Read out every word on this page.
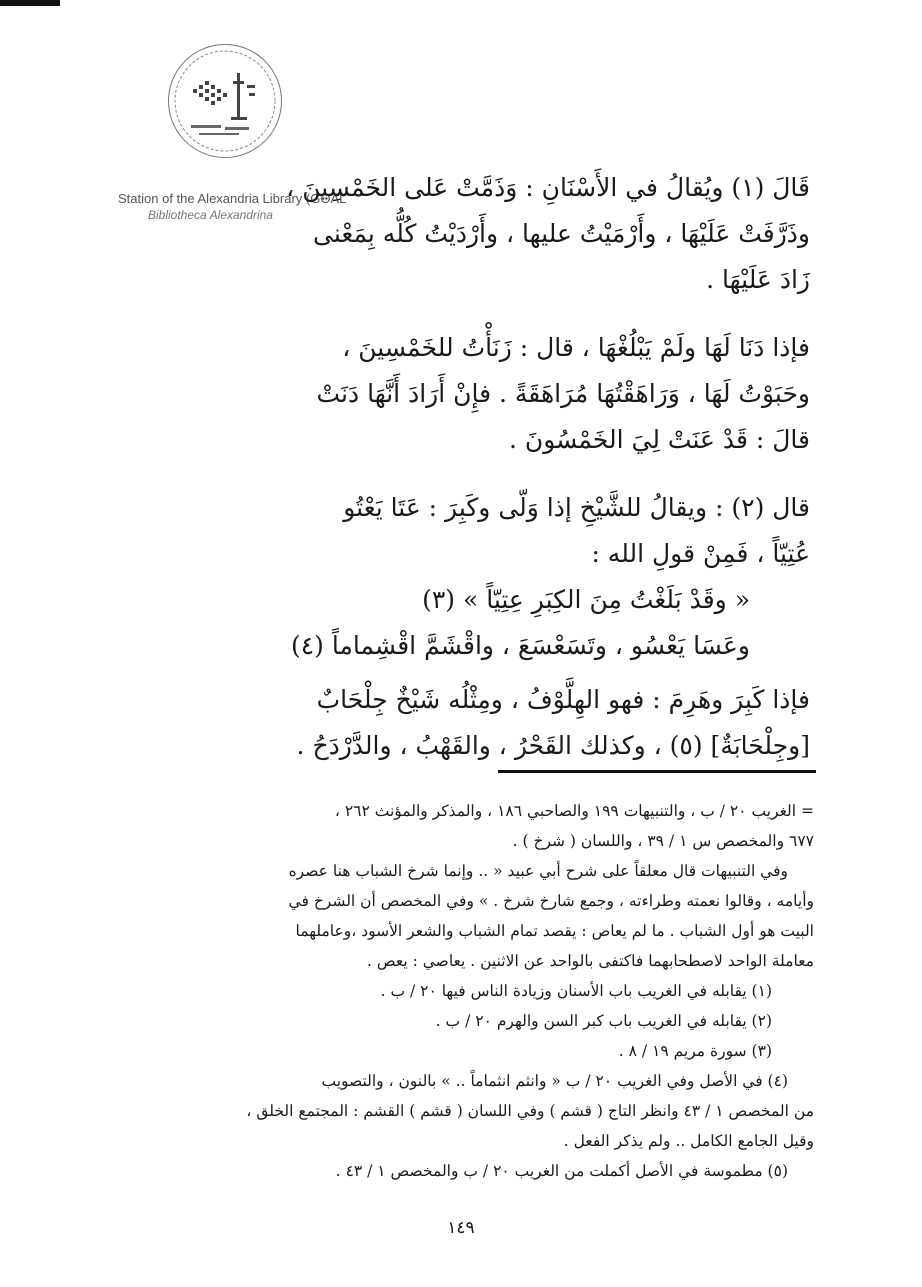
Station of the Alexandria Library (GOAL
Bibliotheca Alexandrina
قَالَ (١) ويُقالُ في الأَسْنَانِ : وَذَمَّتْ عَلى الخَمْسِينَ ،
وذَرَّفَتْ عَلَيْهَا ، وأَرْمَيْتُ عليها ، وأَرْدَيْتُ كُلُّه بِمَعْنى
زَادَ عَلَيْهَا .
فإذا دَنَا لَهَا ولَمْ يَبْلُغْهَا ، قال : زَنَأْتُ للخَمْسِينَ ،
وحَبَوْتُ لَهَا ، وَرَاهَقْتُهَا مُرَاهَقَةً . فإِنْ أَرَادَ أَنَّهَا دَنَتْ
قالَ : قَدْ عَنَتْ لِيَ الخَمْسُونَ .
قال (٢) : ويقالُ للشَّيْخِ إذا وَلّى وكَبِرَ : عَتَا يَعْتُو
عُتِيّاً ، فَمِنْ قولِ الله :
« وقَدْ بَلَغْتُ مِنَ الكِبَرِ عِتِيّاً » (٣)
وعَسَا يَعْسُو ، وتَسَعْسَعَ ، واقْشَمَّ اقْشِماماً (٤)
فإذا كَبِرَ وهَرِمَ : فهو الهِلَّوْفُ ، ومِثْلُه شَيْخٌ جِلْحَابٌ
[وجِلْحَابَةٌ] (٥) ، وكذلك القَحْرُ ، والقَهْبُ ، والدَّرْدَحُ .
= الغريب ٢٠ / ب ، والتنبيهات ١٩٩ والصاحبي ١٨٦ ، والمذكر والمؤنث ٢٦٢ ،
٦٧٧ والمخصص س ١ / ٣٩ ، واللسان ( شرخ ) .
وفي التنبيهات قال معلقاً على شرح أبي عبيد « .. وإنما شرخ الشباب هنا عصره
وأيامه ، وقالوا نعمته وطراءته ، وجمع شارخ شرخ . » وفي المخصص أن الشرخ في
البيت هو أول الشباب . ما لم يعاص : يقصد تمام الشباب والشعر الأسود ،وعاملهما
معاملة الواحد لاصطحابهما فاكتفى بالواحد عن الاثنين . يعاصي : يعص .
(١) يقابله في الغريب باب الأسنان وزيادة الناس فيها ٢٠ / ب .
(٢) يقابله في الغريب باب كبر السن والهرم ٢٠ / ب .
(٣) سورة مريم ١٩ / ٨ .
(٤) في الأصل وفي الغريب ٢٠ / ب « وانثم انثماماً .. » بالنون ، والتصويب
من المخصص ١ / ٤٣ وانظر التاج ( قشم ) وفي اللسان ( قشم ) القشم : المجتمع الخلق ،
وقيل الجامع الكامل .. ولم يذكر الفعل .
(٥) مطموسة في الأصل أكملت من الغريب ٢٠ / ب والمخصص ١ / ٤٣ .
١٤٩
